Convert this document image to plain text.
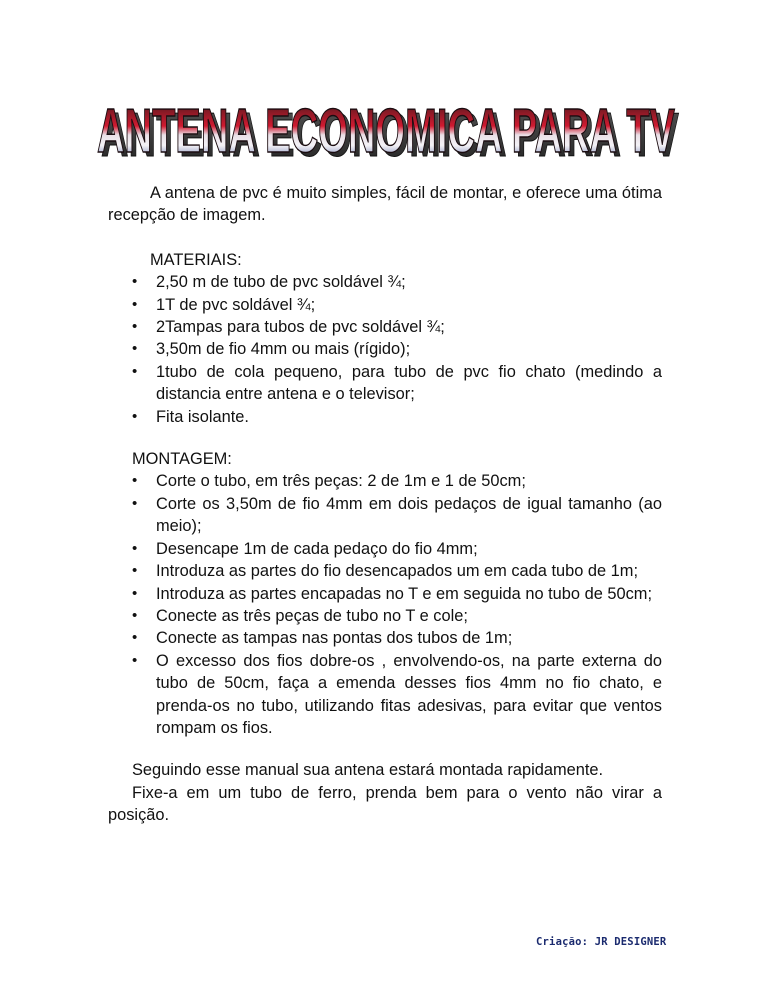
ANTENA ECONOMICA PARA TV
ANTENA ECONOMICA PARA TV

A antena de pvc é muito simples, fácil de montar, e oferece uma ótima recepção de imagem.

MATERIAIS:

•	2,50 m de tubo de pvc soldável ¾;
•	1T de pvc soldável ¾;
•	2Tampas para tubos de pvc soldável ¾;
•	3,50m de fio 4mm ou mais (rígido);
•	1tubo de cola pequeno, para tubo de pvc fio chato (medindo a distancia entre antena e o televisor;
•	Fita isolante.

MONTAGEM:

•	Corte o tubo, em três peças: 2 de 1m e 1 de 50cm;
•	Corte os 3,50m de fio 4mm em dois pedaços de igual tamanho (ao meio);
•	Desencape 1m de cada pedaço do fio 4mm;
•	Introduza as partes do fio desencapados um em cada tubo de 1m;
•	Introduza as partes encapadas no T e em seguida no tubo de 50cm;
•	Conecte as três peças de tubo no T e cole;
•	Conecte as tampas nas pontas dos tubos de 1m;
•	O excesso dos fios dobre-os , envolvendo-os, na parte externa do tubo de 50cm, faça a emenda desses fios 4mm no fio chato, e prenda-os no tubo, utilizando fitas adesivas, para evitar que ventos rompam os fios.

Seguindo esse manual sua antena estará montada rapidamente.

Fixe-a em um tubo de ferro, prenda bem para o vento não virar a posição.

Criação: JR DESIGNER
